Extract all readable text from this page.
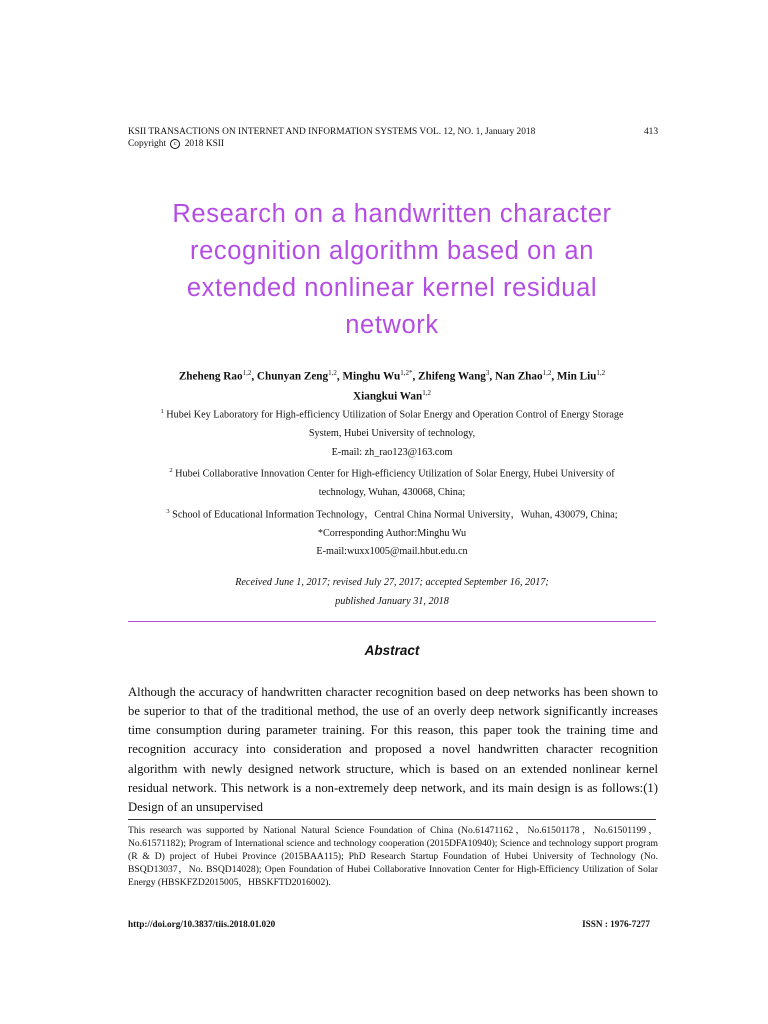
KSII TRANSACTIONS ON INTERNET AND INFORMATION SYSTEMS VOL. 12, NO. 1, January 2018	413
Copyright c 2018 KSII
Research on a handwritten character
recognition algorithm based on an
extended nonlinear kernel residual
network
Zheheng Rao$^{1,2}$, Chunyan Zeng$^{1,2}$, Minghu $Wu^{1,2*}$, Zhifeng Wang$^3$, Nan Zhao$^{1,2}$, Min Liu$^{1,2}$
Xiangkui Wan$^{1,2}$
$^1$ Hubei Key Laboratory for High-efficiency Utilization of Solar Energy and Operation Control of Energy Storage
System, Hubei University of technology,
E-mail: zh_rao123@163.com
$^2$ Hubei Collaborative Innovation Center for High-efficiency Utilization of Solar Energy, Hubei University of
technology, Wuhan, 430068, China;
$^3$ School of Educational Information Technology，Central China Normal University，Wuhan, 430079, China;
*Corresponding Author:Minghu Wu
E-mail:wuxx1005@mail.hbut.edu.cn
Received June 1, 2017; revised July 27, 2017; accepted September 16, 2017;
published January 31, 2018
Abstract
Although the accuracy of handwritten character recognition based on deep networks has been shown to be superior to that of the traditional method, the use of an overly deep network significantly increases time consumption during parameter training. For this reason, this paper took the training time and recognition accuracy into consideration and proposed a novel handwritten character recognition algorithm with newly designed network structure, which is based on an extended nonlinear kernel residual network. This network is a non-extremely deep network, and its main design is as follows:(1) Design of an unsupervised
This research was supported by National Natural Science Foundation of China (No.61471162，No.61501178，No.61501199，No.61571182); Program of International science and technology cooperation (2015DFA10940); Science and technology support program (R & D) project of Hubei Province (2015BAA115); PhD Research Startup Foundation of Hubei University of Technology (No. BSQD13037，No. BSQD14028); Open Foundation of Hubei Collaborative Innovation Center for High-Efficiency Utilization of Solar Energy (HBSKFZD2015005，HBSKFTD2016002).
http://doi.org/10.3837/tiis.2018.01.020	ISSN : 1976-7277
